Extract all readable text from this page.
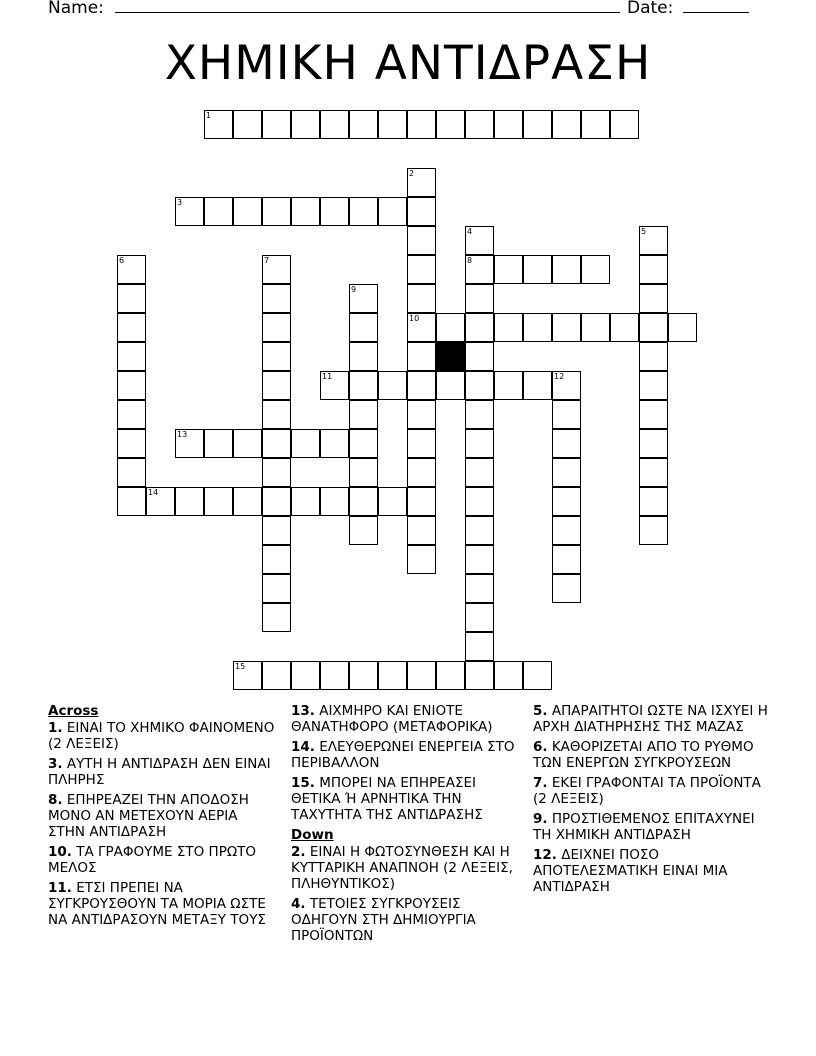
Name:	Date:
ΧΗΜΙΚΗ ΑΝΤΙΔΡΑΣΗ
1
2
10
3
4
8
5
6	7
9
11	12
13
14
15
Across
1. ΕΙΝΑΙ ΤΟ ΧΗΜΙΚΟ ΦΑΙΝΟΜΕΝΟ (2 ΛΕΞΕΙΣ)
3. ΑΥΤΗ Η ΑΝΤΙΔΡΑΣΗ ΔΕΝ ΕΙΝΑΙ ΠΛΗΡΗΣ
8. ΕΠΗΡΕΑΖΕΙ ΤΗΝ ΑΠΟΔΟΣΗ ΜΟΝΟ ΑΝ ΜΕΤΕΧΟΥΝ ΑΕΡΙΑ ΣΤΗΝ ΑΝΤΙΔΡΑΣΗ
10. ΤΑ ΓΡΑΦΟΥΜΕ ΣΤΟ ΠΡΩΤΟ ΜΕΛΟΣ
11. ΕΤΣΙ ΠΡΕΠΕΙ ΝΑ ΣΥΓΚΡΟΥΣΘΟΥΝ ΤΑ ΜΟΡΙΑ ΩΣΤΕ ΝΑ ΑΝΤΙΔΡΑΣΟΥΝ ΜΕΤΑΞΥ ΤΟΥΣ
13. ΑΙΧΜΗΡΟ ΚΑΙ ΕΝΙΟΤΕ ΘΑΝΑΤΗΦΟΡΟ (ΜΕΤΑΦΟΡΙΚΑ)
14. ΕΛΕΥΘΕΡΩΝΕΙ ΕΝΕΡΓΕΙΑ ΣΤΟ ΠΕΡΙΒΑΛΛΟΝ
15. ΜΠΟΡΕΙ ΝΑ ΕΠΗΡΕΑΣΕΙ ΘΕΤΙΚΑ Ή ΑΡΝΗΤΙΚΑ ΤΗΝ ΤΑΧΥΤΗΤΑ ΤΗΣ ΑΝΤΙΔΡΑΣΗΣ
Down
2. ΕΙΝΑΙ Η ΦΩΤΟΣΥΝΘΕΣΗ ΚΑΙ Η ΚΥΤΤΑΡΙΚΗ ΑΝΑΠΝΟΗ (2 ΛΕΞΕΙΣ, ΠΛΗΘΥΝΤΙΚΟΣ)
4. ΤΕΤΟΙΕΣ ΣΥΓΚΡΟΥΣΕΙΣ ΟΔΗΓΟΥΝ ΣΤΗ ΔΗΜΙΟΥΡΓΙΑ ΠΡΟΪΟΝΤΩΝ
5. ΑΠΑΡΑΙΤΗΤΟΙ ΩΣΤΕ ΝΑ ΙΣΧΥΕΙ Η ΑΡΧΗ ΔΙΑΤΗΡΗΣΗΣ ΤΗΣ ΜΑΖΑΣ
6. ΚΑΘΟΡΙΖΕΤΑΙ ΑΠΟ ΤΟ ΡΥΘΜΟ ΤΩΝ ΕΝΕΡΓΩΝ ΣΥΓΚΡΟΥΣΕΩΝ
7. ΕΚΕΙ ΓΡΑΦΟΝΤΑΙ ΤΑ ΠΡΟΪΟΝΤΑ (2 ΛΕΞΕΙΣ)
9. ΠΡΟΣΤΙΘΕΜΕΝΟΣ ΕΠΙΤΑΧΥΝΕΙ ΤΗ ΧΗΜΙΚΗ ΑΝΤΙΔΡΑΣΗ
12. ΔΕΙΧΝΕΙ ΠΟΣΟ ΑΠΟΤΕΛΕΣΜΑΤΙΚΗ ΕΙΝΑΙ ΜΙΑ ΑΝΤΙΔΡΑΣΗ
